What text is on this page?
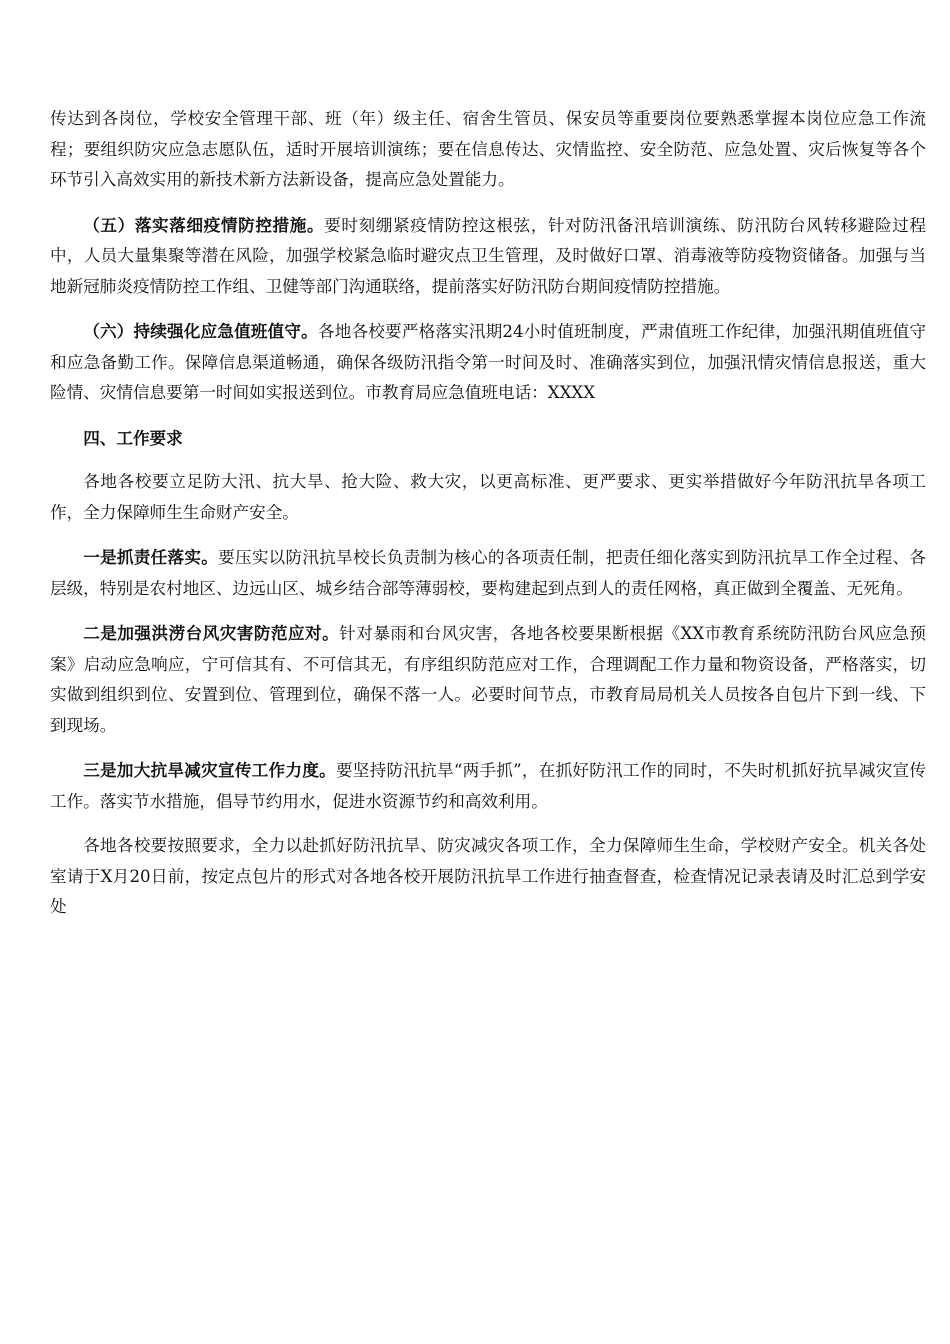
传达到各岗位，学校安全管理干部、班（年）级主任、宿舍生管员、保安员等重要岗位要熟悉掌握本岗位应急工作流程；要组织防灾应急志愿队伍，适时开展培训演练；要在信息传达、灾情监控、安全防范、应急处置、灾后恢复等各个环节引入高效实用的新技术新方法新设备，提高应急处置能力。

（五）落实落细疫情防控措施。要时刻绷紧疫情防控这根弦，针对防汛备汛培训演练、防汛防台风转移避险过程中，人员大量集聚等潜在风险，加强学校紧急临时避灾点卫生管理，及时做好口罩、消毒液等防疫物资储备。加强与当地新冠肺炎疫情防控工作组、卫健等部门沟通联络，提前落实好防汛防台期间疫情防控措施。

（六）持续强化应急值班值守。各地各校要严格落实汛期24小时值班制度，严肃值班工作纪律，加强汛期值班值守和应急备勤工作。保障信息渠道畅通，确保各级防汛指令第一时间及时、准确落实到位，加强汛情灾情信息报送，重大险情、灾情信息要第一时间如实报送到位。市教育局应急值班电话：XXXX

四、工作要求

各地各校要立足防大汛、抗大旱、抢大险、救大灾，以更高标准、更严要求、更实举措做好今年防汛抗旱各项工作，全力保障师生生命财产安全。

一是抓责任落实。要压实以防汛抗旱校长负责制为核心的各项责任制，把责任细化落实到防汛抗旱工作全过程、各层级，特别是农村地区、边远山区、城乡结合部等薄弱校，要构建起到点到人的责任网格，真正做到全覆盖、无死角。

二是加强洪涝台风灾害防范应对。针对暴雨和台风灾害，各地各校要果断根据《XX市教育系统防汛防台风应急预案》启动应急响应，宁可信其有、不可信其无，有序组织防范应对工作，合理调配工作力量和物资设备，严格落实，切实做到组织到位、安置到位、管理到位，确保不落一人。必要时间节点，市教育局局机关人员按各自包片下到一线、下到现场。

三是加大抗旱减灾宣传工作力度。要坚持防汛抗旱“两手抓”，在抓好防汛工作的同时，不失时机抓好抗旱减灾宣传工作。落实节水措施，倡导节约用水，促进水资源节约和高效利用。

各地各校要按照要求，全力以赴抓好防汛抗旱、防灾减灾各项工作，全力保障师生生命，学校财产安全。机关各处室请于X月20日前，按定点包片的形式对各地各校开展防汛抗旱工作进行抽查督查，检查情况记录表请及时汇总到学安处
